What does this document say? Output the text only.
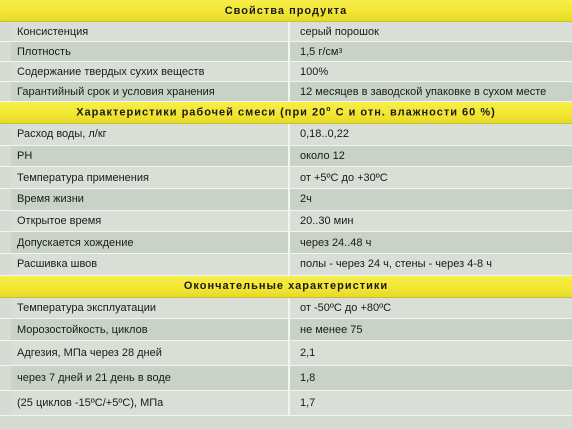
Свойства продукта
Консистенция	серый порошок
Плотность	1,5 г/см 3
Содержание твердых сухих веществ	100%
Гарантийный срок и условия хранения	12 месяцев в заводской упаковке в сухом месте
Характеристики рабочей смеси (при $20^о$ С и отн. влажности 60 %)
Расход воды, л/кг	0,18..0,22
PH	около 12
Температура применения	от +5ºС до +30ºС
Время жизни	2ч
Открытое время	20..30 мин
Допускается хождение	через 24..48 ч
Расшивка швов	полы - через 24 ч, стены - через 4-8 ч
Окончательные характеристики
Температура эксплуатации	от -50ºС до +80ºС
Морозостойкость, циклов	не менее 75
Адгезия, МПа через 28 дней	2,1
через 7 дней и 21 день в воде	1,8
(25 циклов -15ºС/+5ºС), МПа	1,7
